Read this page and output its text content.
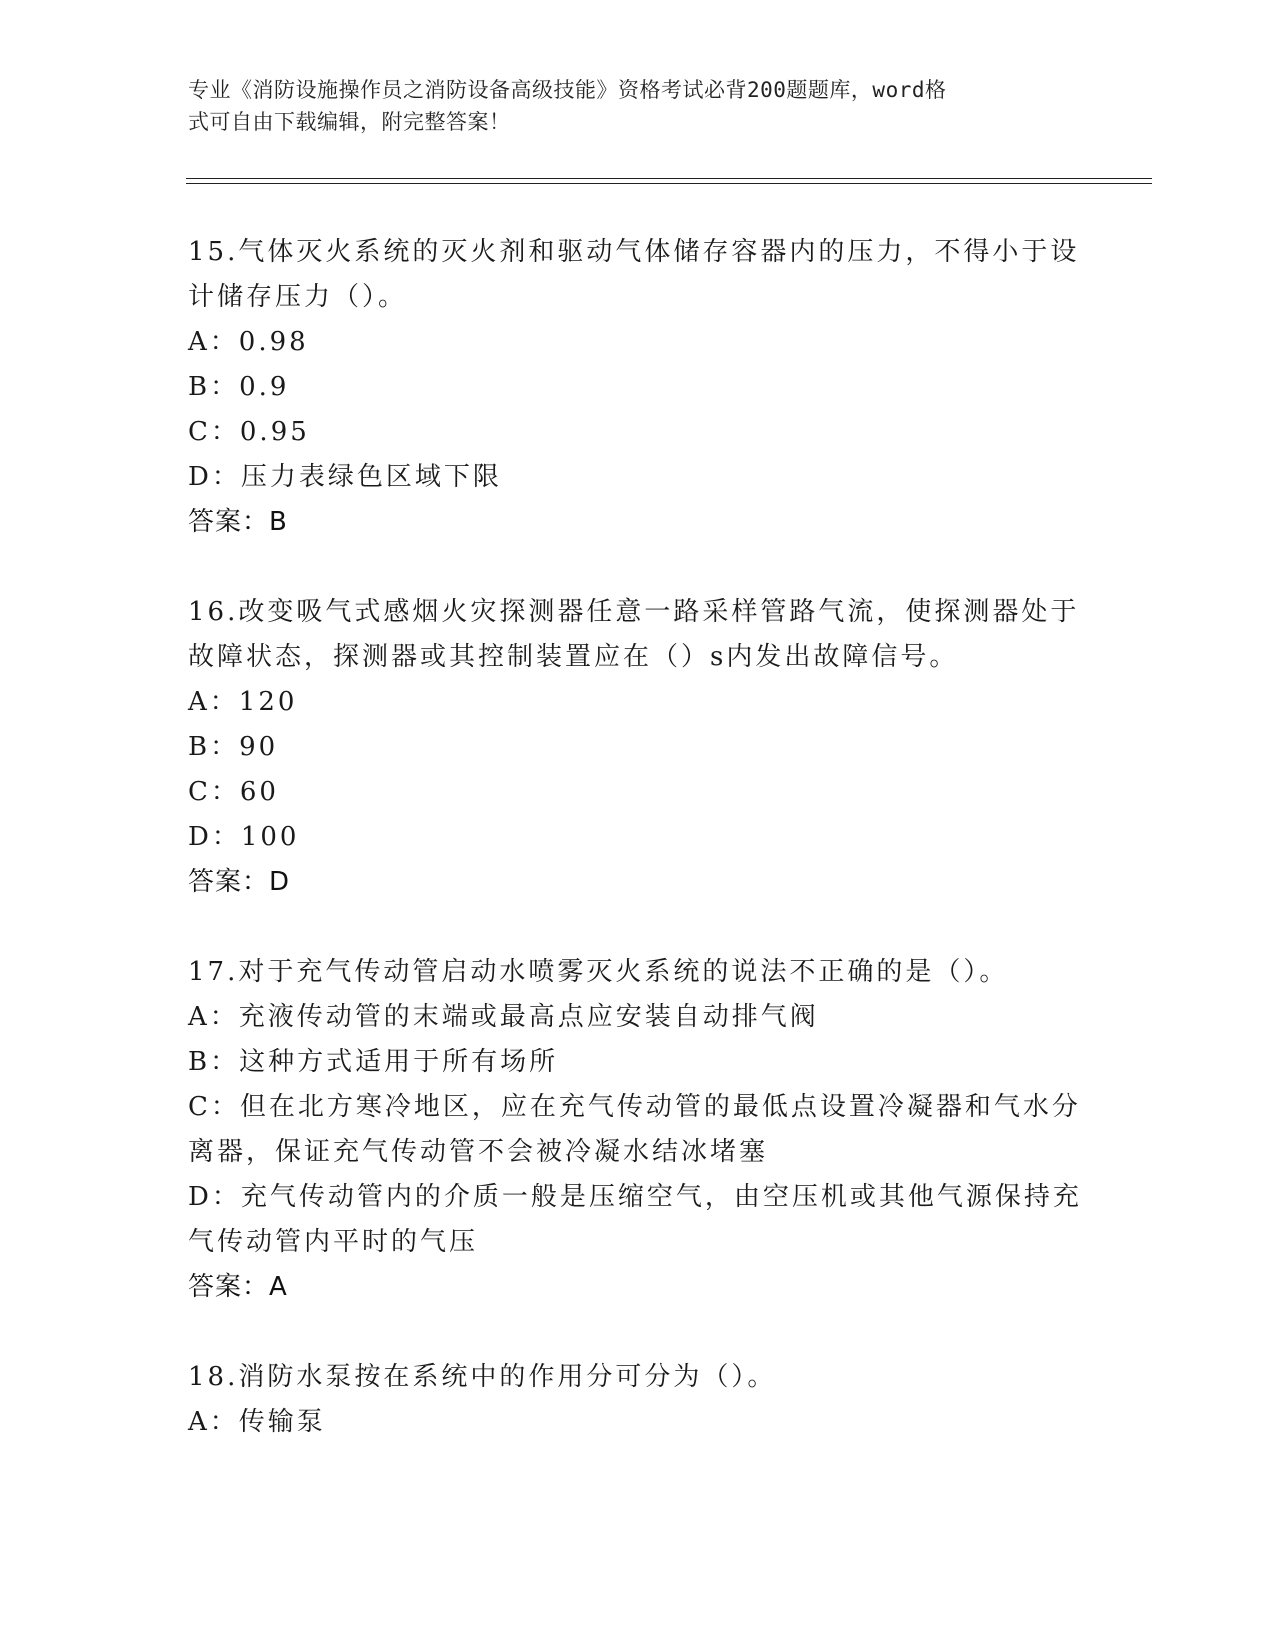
专业《消防设施操作员之消防设备高级技能》资格考试必背200题题库，word格
式可自由下载编辑，附完整答案！
15.气体灭火系统的灭火剂和驱动气体储存容器内的压力，不得小于设
计储存压力（）。
A：0.98
B：0.9
C：0.95
D：压力表绿色区域下限
答案：B
16.改变吸气式感烟火灾探测器任意一路采样管路气流，使探测器处于
故障状态，探测器或其控制装置应在（）s内发出故障信号。
A：120
B：90
C：60
D：100
答案：D
17.对于充气传动管启动水喷雾灭火系统的说法不正确的是（）。
A：充液传动管的末端或最高点应安装自动排气阀
B：这种方式适用于所有场所
C：但在北方寒冷地区，应在充气传动管的最低点设置冷凝器和气水分
离器，保证充气传动管不会被冷凝水结冰堵塞
D：充气传动管内的介质一般是压缩空气，由空压机或其他气源保持充
气传动管内平时的气压
答案：A
18.消防水泵按在系统中的作用分可分为（）。
A：传输泵
